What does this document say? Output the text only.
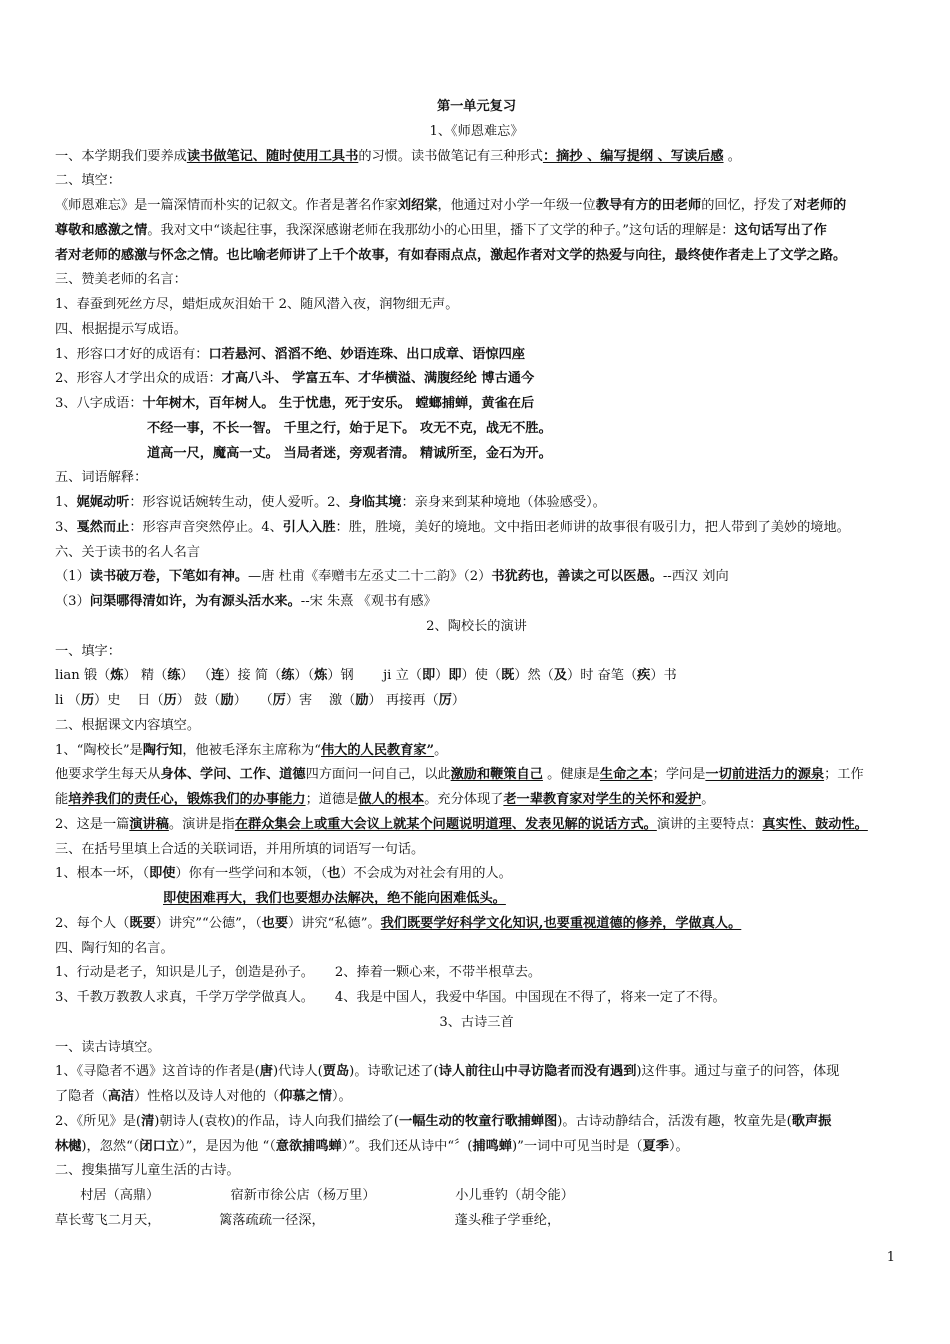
第一单元复习
1、《师恩难忘》
一、本学期我们要养成读书做笔记、随时使用工具书的习惯。读书做笔记有三种形式：摘抄 、编写提纲 、写读后感 。
二、填空：
《师恩难忘》是一篇深情而朴实的记叙文。作者是著名作家刘绍棠，他通过对小学一年级一位教导有方的田老师的回忆，抒发了对老师的
尊敬和感激之情。我对文中“谈起往事，我深深感谢老师在我那幼小的心田里，播下了文学的种子。”这句话的理解是：这句话写出了作
者对老师的感激与怀念之情。也比喻老师讲了上千个故事，有如春雨点点，激起作者对文学的热爱与向往，最终使作者走上了文学之路。
三、赞美老师的名言：
1、春蚕到死丝方尽，蜡炬成灰泪始干 2、随风潜入夜，润物细无声。
四、根据提示写成语。
1、形容口才好的成语有：口若悬河、滔滔不绝、妙语连珠、出口成章、语惊四座
2、形容人才学出众的成语：才高八斗、 学富五车、才华横溢、满腹经纶 博古通今
3、八字成语：十年树木，百年树人。 生于忧患，死于安乐。 螳螂捕蝉，黄雀在后
不经一事，不长一智。 千里之行，始于足下。 攻无不克，战无不胜。
道高一尺，魔高一丈。 当局者迷，旁观者清。 精诚所至，金石为开。
五、词语解释：
1、娓娓动听：形容说话婉转生动，使人爱听。2、身临其境：亲身来到某种境地（体验感受）。
3、戛然而止：形容声音突然停止。4、引人入胜：胜，胜境，美好的境地。文中指田老师讲的故事很有吸引力，把人带到了美妙的境地。
六、关于读书的名人名言
（1）读书破万卷，下笔如有神。—唐 杜甫《奉赠韦左丞丈二十二韵》（2）书犹药也，善读之可以医愚。--西汉 刘向
（3）问渠哪得清如许，为有源头活水来。--宋 朱熹 《观书有感》
2、陶校长的演讲
一、填字：
lian 锻（炼） 精（练） （连）接 简（练）（炼）钢       ji 立（即）即）使（既）然（及）时 奋笔（疾）书
li （历）史    日（历） 鼓（励）   （厉）害    激（励） 再接再（厉）
二、根据课文内容填空。
1、“陶校长”是陶行知，他被毛泽东主席称为“伟大的人民教育家”。
他要求学生每天从身体、学问、工作、道德四方面问一问自己，以此激励和鞭策自己 。健康是生命之本；学问是一切前进活力的源泉；工作
能培养我们的责任心，锻炼我们的办事能力；道德是做人的根本。充分体现了老一辈教育家对学生的关怀和爱护。
2、这是一篇演讲稿。演讲是指在群众集会上或重大会议上就某个问题说明道理、发表见解的说话方式。演讲的主要特点：真实性、鼓动性。
三、在括号里填上合适的关联词语，并用所填的词语写一句话。
1、根本一坏，（即使）你有一些学问和本领，（也）不会成为对社会有用的人。
即使困难再大，我们也要想办法解决，绝不能向困难低头。
2、每个人（既要）讲究”“公德”，（也要）讲究“私德”。我们既要学好科学文化知识,也要重视道德的修养，学做真人。
四、陶行知的名言。
1、行动是老子，知识是儿子，创造是孙子。     2、捧着一颗心来，不带半根草去。
3、千教万教教人求真，千学万学学做真人。     4、我是中国人，我爱中华国。中国现在不得了，将来一定了不得。
3、古诗三首
一、读古诗填空。
1、《寻隐者不遇》这首诗的作者是(唐)代诗人(贾岛)。诗歌记述了(诗人前往山中寻访隐者而没有遇到)这件事。通过与童子的问答，体现
了隐者（高洁）性格以及诗人对他的（仰慕之情）。
2、《所见》是(清)朝诗人(袁枚)的作品，诗人向我们描绘了(一幅生动的牧童行歌捕蝉图)。古诗动静结合，活泼有趣，牧童先是(歌声振
林樾)，忽然“（闭口立）”，是因为他 “（意欲捕鸣蝉）”。我们还从诗中“〞(捕鸣蝉)”一词中可见当时是（夏季）。
二、搜集描写儿童生活的古诗。
村居（高鼎）                 宿新市徐公店（杨万里）                   小儿垂钓（胡令能）
草长莺飞二月天，              篱落疏疏一径深，                               蓬头稚子学垂纶，
1
